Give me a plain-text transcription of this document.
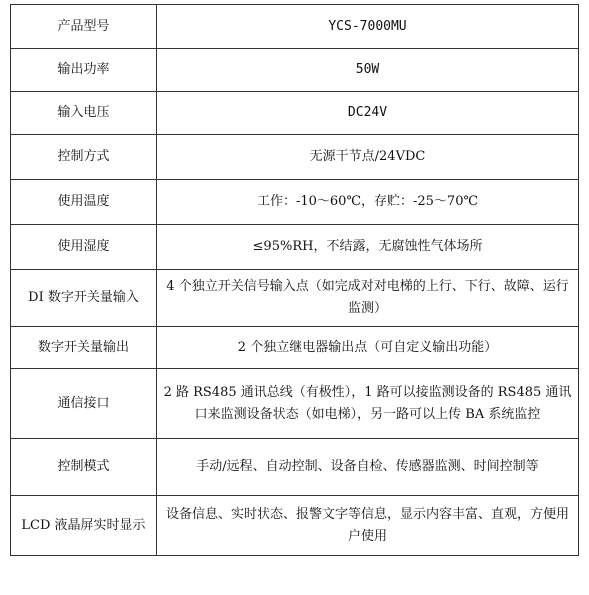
产品型号	YCS-7000MU
输出功率	50W
输入电压	DC24V
控制方式	无源干节点/24VDC
使用温度	工作：-10～60℃，存贮：-25～70℃
使用湿度	≤95%RH，不结露，无腐蚀性气体场所
DI 数字开关量输入	4 个独立开关信号输入点（如完成对对电梯的上行、下行、故障、运行监测）
数字开关量输出	2 个独立继电器输出点（可自定义输出功能）
通信接口	2 路 RS485 通讯总线（有极性），1 路可以接监测设备的 RS485 通讯口来监测设备状态（如电梯），另一路可以上传 BA 系统监控
控制模式	手动/远程、自动控制、设备自检、传感器监测、时间控制等
LCD 液晶屏实时显示	设备信息、实时状态、报警文字等信息，显示内容丰富、直观，方便用户使用
